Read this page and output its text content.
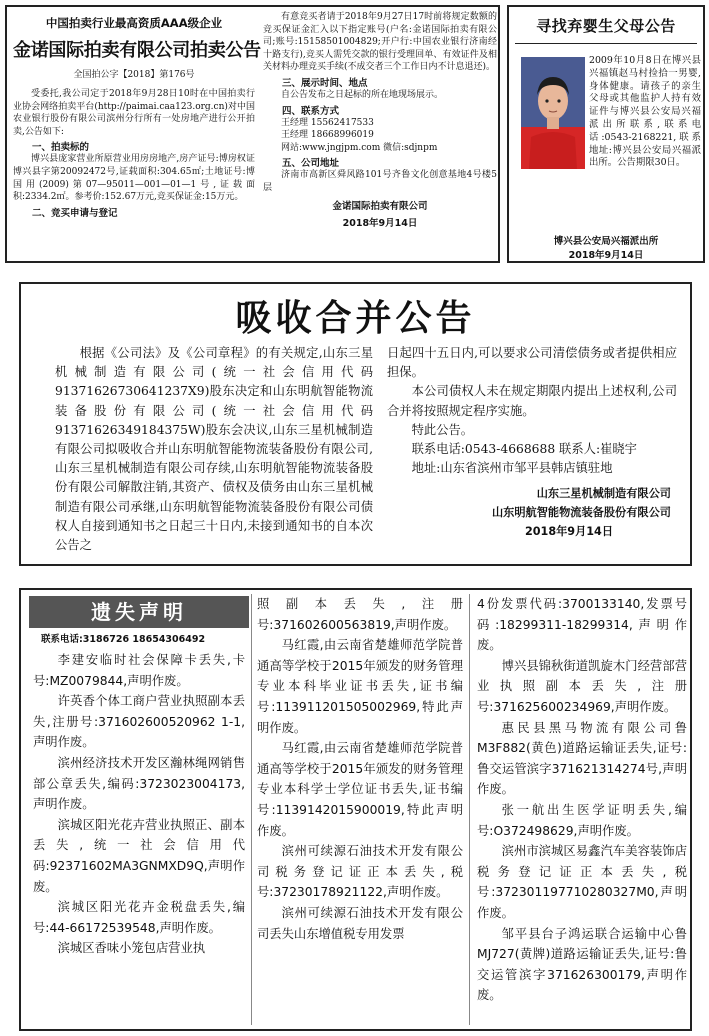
中国拍卖行业最高资质AAA级企业
金诺国际拍卖有限公司拍卖公告
全国拍公字【2018】第176号

受委托,我公司定于2018年9月28日10时在中国拍卖行业协会网络拍卖平台(http://paimai.caa123.org.cn)对中国农业银行股份有限公司滨州分行所有一处房地产进行公开拍卖,公告如下:

一、拍卖标的

博兴县庞家营业所原营业用房房地产,房产证号:博房权证博兴县字第20092472号,证载面积:304.65㎡;土地证号:博国用(2009)第07—95011—001—01—1号,证载面积:2334.2㎡。参考价:152.67万元,竞买保证金:15万元。

二、竞买申请与登记

有意竞买者请于2018年9月27日17时前将规定数额的竞买保证金汇入以下指定账号(户名:金诺国际拍卖有限公司;账号:15158501004829;开户行:中国农业银行济南经十路支行),竞买人需凭交款的银行受理回单、有效证件及相关材料办理竞买手续(不成交者三个工作日内不计息退还)。

三、展示时间、地点

自公告发布之日起标的所在地现场展示。

四、联系方式

王经理 15562417533

王经理 18668996019

网站:www.jngjpm.com 微信:sdjnpm

五、公司地址

济南市高新区舜风路101号齐鲁文化创意基地4号楼5层

金诺国际拍卖有限公司
2018年9月14日
寻找弃婴生父母公告
2009年10月8日在博兴县兴福镇赵马村捡拾一男婴,身体健康。请孩子的亲生父母或其他监护人持有效证件与博兴县公安局兴福派出所联系,联系电话:0543-2168221,联系地址:博兴县公安局兴福派出所。公告期限30日。
博兴县公安局兴福派出所
2018年9月14日
吸收合并公告

根据《公司法》及《公司章程》的有关规定,山东三星机械制造有限公司(统一社会信用代码91371626730641237X9)股东决定和山东明航智能物流装备股份有限公司(统一社会信用代码91371626349184375W)股东会决议,山东三星机械制造有限公司拟吸收合并山东明航智能物流装备股份有限公司,山东三星机械制造有限公司存续,山东明航智能物流装备股份有限公司解散注销,其资产、债权及债务由山东三星机械制造有限公司承继,山东明航智能物流装备股份有限公司债权人自接到通知书之日起三十日内,未接到通知书的自本次公告之

日起四十五日内,可以要求公司清偿债务或者提供相应担保。

本公司债权人未在规定期限内提出上述权利,公司合并将按照规定程序实施。

特此公告。

联系电话:0543-4668688 联系人:崔晓宇
地址:山东省滨州市邹平县韩店镇驻地
山东三星机械制造有限公司
山东明航智能物流装备股份有限公司
2018年9月14日
遗失声明
联系电话:3186726 18654306492

李建安临时社会保障卡丢失,卡号:MZ0079844,声明作废。

许英香个体工商户营业执照副本丢失,注册号:371602600520962 1-1,声明作废。

滨州经济技术开发区瀚林绳网销售部公章丢失,编码:3723023004173,声明作废。

滨城区阳光花卉营业执照正、副本丢失,统一社会信用代码:92371602MA3GNMXD9Q,声明作废。

滨城区阳光花卉金税盘丢失,编号:44-66172539548,声明作废。

滨城区香味小笼包店营业执

照副本丢失,注册号:371602600563819,声明作废。

马红霞,由云南省楚雄师范学院普通高等学校于2015年颁发的财务管理专业本科毕业证书丢失,证书编号:113911201505002969,特此声明作废。

马红霞,由云南省楚雄师范学院普通高等学校于2015年颁发的财务管理专业本科学士学位证书丢失,证书编号:1139142015900019,特此声明作废。

滨州可续源石油技术开发有限公司税务登记证正本丢失,税号:37230178921122,声明作废。

滨州可续源石油技术开发有限公司丢失山东增值税专用发票

4份发票代码:3700133140,发票号码:18299311-18299314,声明作废。

博兴县锦秋街道凯旋木门经营部营业执照副本丢失,注册号:371625600234969,声明作废。

惠民县黑马物流有限公司鲁M3F882(黄色)道路运输证丢失,证号:鲁交运管滨字371621314274号,声明作废。

张一航出生医学证明丢失,编号:O372498629,声明作废。

滨州市滨城区易鑫汽车美容装饰店税务登记证正本丢失,税号:37230119771028032​7M0,声明作废。

邹平县台子鸿运联合运输中心鲁MJ727(黄牌)道路运输证丢失,证号:鲁交运管滨字371626300179,声明作废。
